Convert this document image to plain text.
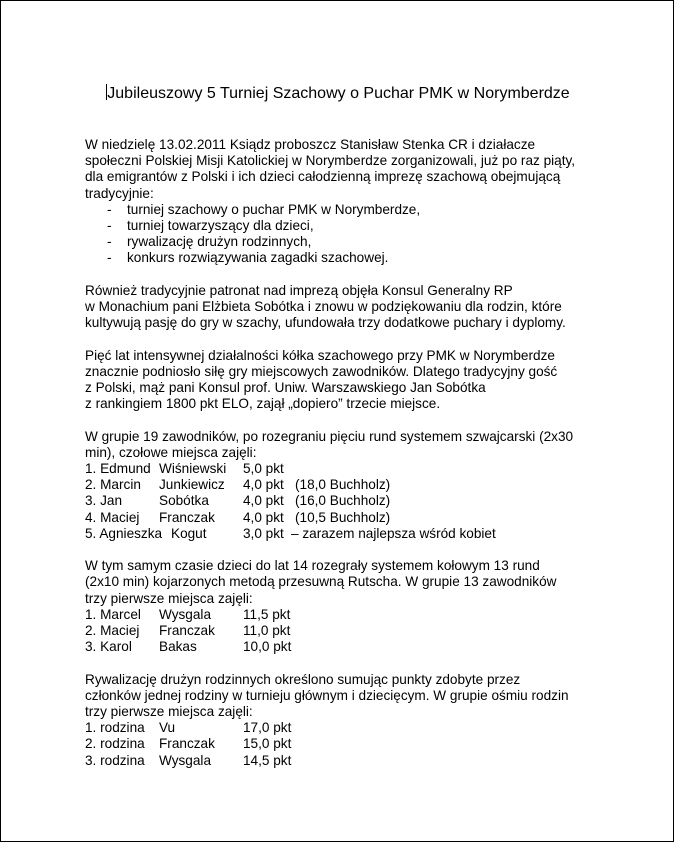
Jubileuszowy 5 Turniej Szachowy o Puchar PMK w Norymberdze

W niedzielę 13.02.2011 Ksiądz proboszcz Stanisław Stenka CR i działacze

społeczni Polskiej Misji Katolickiej w Norymberdze zorganizowali, już po raz piąty,

dla emigrantów z Polski i ich dzieci całodzienną imprezę szachową obejmującą

tradycyjnie:

- turniej szachowy o puchar PMK w Norymberdze,
- turniej towarzyszący dla dzieci,
- rywalizację drużyn rodzinnych,
- konkurs rozwiązywania zagadki szachowej.

Również tradycyjnie patronat nad imprezą objęła Konsul Generalny RP

w Monachium pani Elżbieta Sobótka i znowu w podziękowaniu dla rodzin, które

kultywują pasję do gry w szachy, ufundowała trzy dodatkowe puchary i dyplomy.

Pięć lat intensywnej działalności kółka szachowego przy PMK w Norymberdze

znacznie podniosło siłę gry miejscowych zawodników. Dlatego tradycyjny gość

z Polski, mąż pani Konsul prof. Uniw. Warszawskiego Jan Sobótka

z rankingiem 1800 pkt ELO, zajął „dopiero” trzecie miejsce.

W grupie 19 zawodników, po rozegraniu pięciu rund systemem szwajcarski (2x30

min), czołowe miejsca zajęli:

1. Edmund Wiśniewski	5,0 pkt
2. Marcin	Junkiewicz	4,0 pkt (18,0 Buchholz)
3. Jan	Sobótka	4,0 pkt (16,0 Buchholz)
4. Maciej	Franczak	4,0 pkt (10,5 Buchholz)
5. Agnieszka Kogut	3,0 pkt – zarazem najlepsza wśród kobiet

W tym samym czasie dzieci do lat 14 rozegrały systemem kołowym 13 rund

(2x10 min) kojarzonych metodą przesuwną Rutscha. W grupie 13 zawodników

trzy pierwsze miejsca zajęli:

1. Marcel	Wysgala	11,5 pkt
2. Maciej	Franczak	11,0 pkt
3. Karol	Bakas	10,0 pkt

Rywalizację drużyn rodzinnych określono sumując punkty zdobyte przez

członków jednej rodziny w turnieju głównym i dziecięcym. W grupie ośmiu rodzin

trzy pierwsze miejsca zajęli:

1. rodzina	Vu	17,0 pkt
2. rodzina	Franczak	15,0 pkt
3. rodzina	Wysgala	14,5 pkt
